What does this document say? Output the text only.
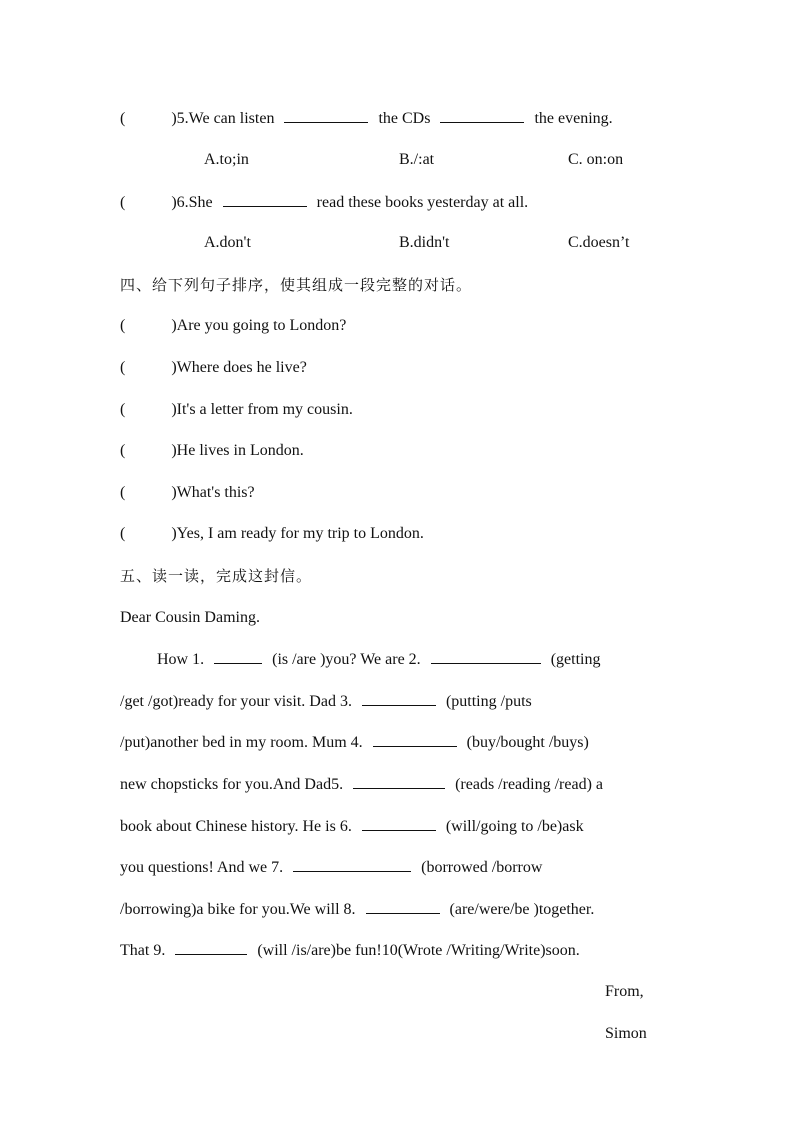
(	)5.We can listen	the CDs	the evening.
A.to;in	B./:at	C. on:on
(	)6.She	read these books yesterday at all.
A.don't	B.didn't	C.doesn’t
四、给下列句子排序，使其组成一段完整的对话。
(	)Are you going to London?
(	)Where does he live?
(	)It's a letter from my cousin.
(	)He lives in London.
(	)What's this?
(	)Yes, I am ready for my trip to London.
五、读一读，完成这封信。
Dear Cousin Daming.
How 1.	(is /are )you? We are 2.	(getting
/get /got)ready for your visit. Dad 3.	(putting /puts
/put)another bed in my room. Mum 4.	(buy/bought /buys)
new chopsticks for you.And Dad5.	(reads /reading /read) a
book about Chinese history. He is 6.	(will/going to /be)ask
you questions! And we 7.	(borrowed /borrow
/borrowing)a bike for you.We will 8.	(are/were/be )together.
That 9.	(will /is/are)be fun!10(Wrote /Writing/Write)soon.
From,
Simon
